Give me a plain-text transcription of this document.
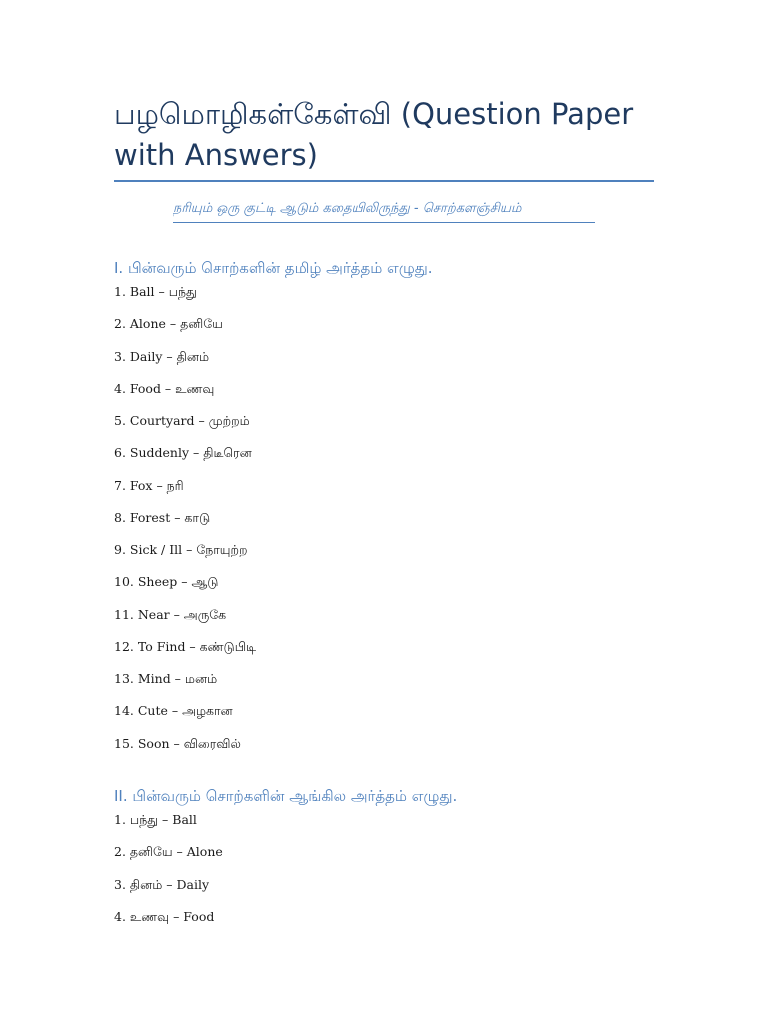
பழமொழிகள்கேள்வி (Question Paper with Answers)
நரியும் ஒரு குட்டி ஆடும் கதையிலிருந்து - சொற்களஞ்சியம்
I. பின்வரும் சொற்களின் தமிழ் அர்த்தம் எழுது.
1. Ball – பந்து
2. Alone – தனியே
3. Daily – தினம்
4. Food – உணவு
5. Courtyard – முற்றம்
6. Suddenly – திடீரென
7. Fox – நரி
8. Forest – காடு
9. Sick / Ill – நோயுற்ற
10. Sheep – ஆடு
11. Near – அருகே
12. To Find – கண்டுபிடி
13. Mind – மனம்
14. Cute – அழகான
15. Soon – விரைவில்
II. பின்வரும் சொற்களின் ஆங்கில அர்த்தம் எழுது.
1. பந்து – Ball
2. தனியே – Alone
3. தினம் – Daily
4. உணவு – Food
